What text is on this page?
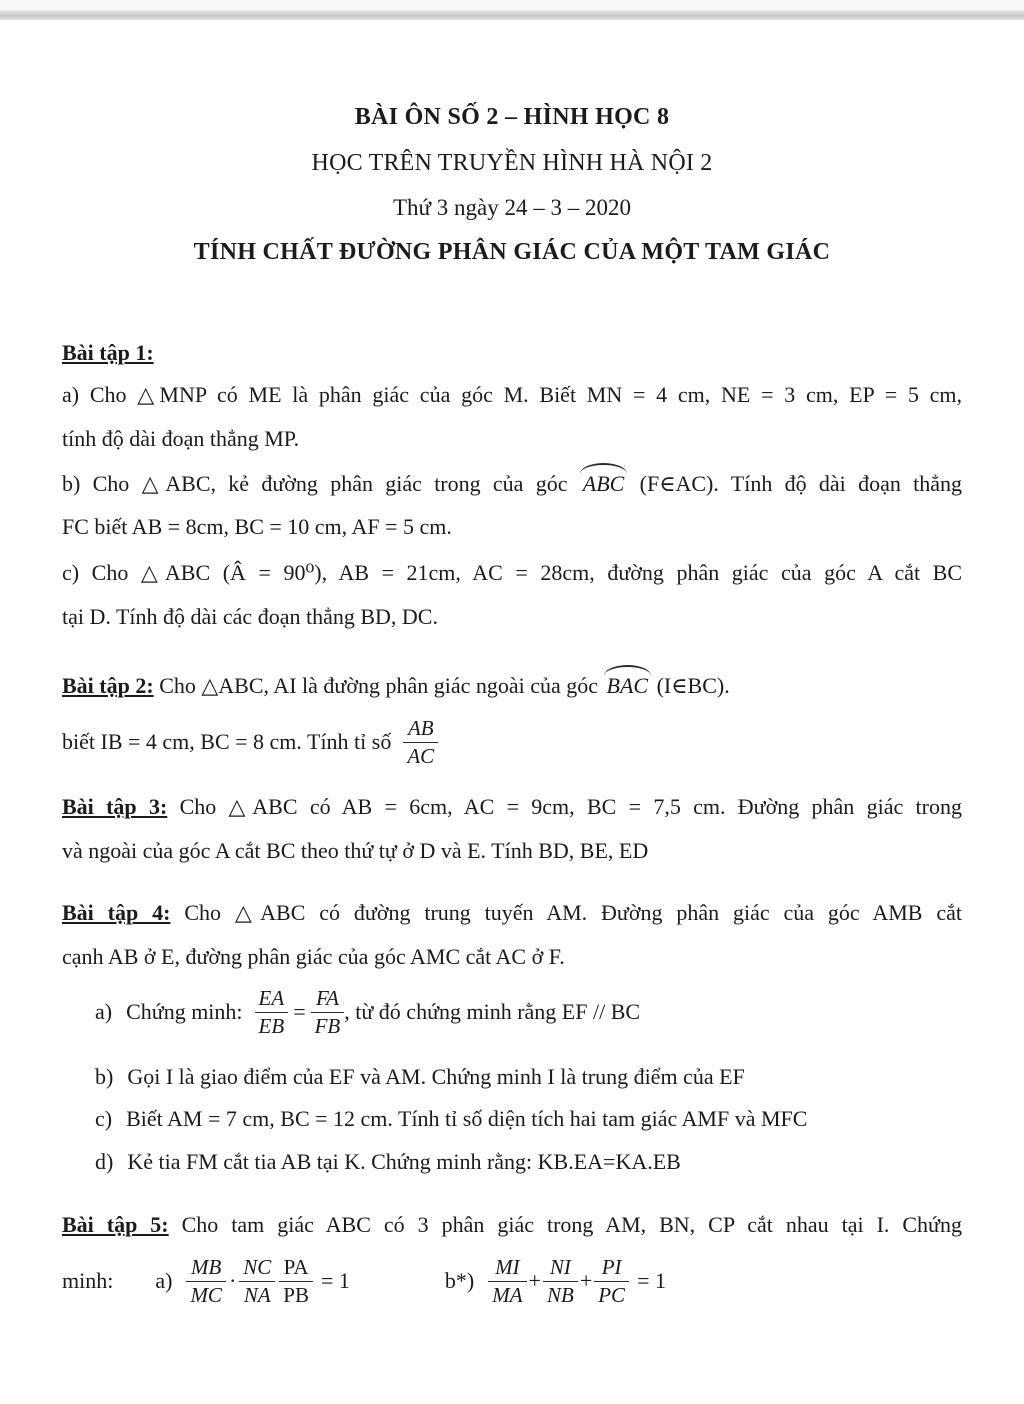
BÀI ÔN SỐ 2 – HÌNH HỌC 8
HỌC TRÊN TRUYỀN HÌNH HÀ NỘI 2
Thứ 3 ngày 24 – 3 – 2020
TÍNH CHẤT ĐƯỜNG PHÂN GIÁC CỦA MỘT TAM GIÁC
Bài tập 1:
a) Cho △MNP có ME là phân giác của góc M. Biết MN = 4 cm, NE = 3 cm, EP = 5 cm,
tính độ dài đoạn thẳng MP.
b) Cho △ABC, kẻ đường phân giác trong của góc ABC (F∈AC). Tính độ dài đoạn thẳng
FC biết AB = 8cm, BC = 10 cm, AF = 5 cm.
c) Cho △ABC (Â = 90⁰), AB = 21cm, AC = 28cm, đường phân giác của góc A cắt BC
tại D. Tính độ dài các đoạn thẳng BD, DC.
Bài tập 2: Cho △ABC, AI là đường phân giác ngoài của góc BAC (I∈BC).
biết IB = 4 cm, BC = 8 cm. Tính tỉ số $\frac{AB}{AC}$
Bài tập 3: Cho △ABC có AB = 6cm, AC = 9cm, BC = 7,5 cm. Đường phân giác trong
và ngoài của góc A cắt BC theo thứ tự ở D và E. Tính BD, BE, ED
Bài tập 4: Cho △ABC có đường trung tuyến AM. Đường phân giác của góc AMB cắt
cạnh AB ở E, đường phân giác của góc AMC cắt AC ở F.
a) Chứng minh: $\frac{EA}{EB} = \frac{FA}{FB}$ , từ đó chứng minh rằng EF // BC
b) Gọi I là giao điểm của EF và AM. Chứng minh I là trung điểm của EF
c) Biết AM = 7 cm, BC = 12 cm. Tính tỉ số diện tích hai tam giác AMF và MFC
d) Kẻ tia FM cắt tia AB tại K. Chứng minh rằng: KB.EA=KA.EB
Bài tập 5: Cho tam giác ABC có 3 phân giác trong AM, BN, CP cắt nhau tại I. Chứng
minh: $a) \frac{MB}{MC} \cdot \frac{NC}{NA} \frac{PA}{PB} = 1$	$b*) \frac{MI}{MA} + \frac{NI}{NB} + \frac{PI}{PC} = 1$
